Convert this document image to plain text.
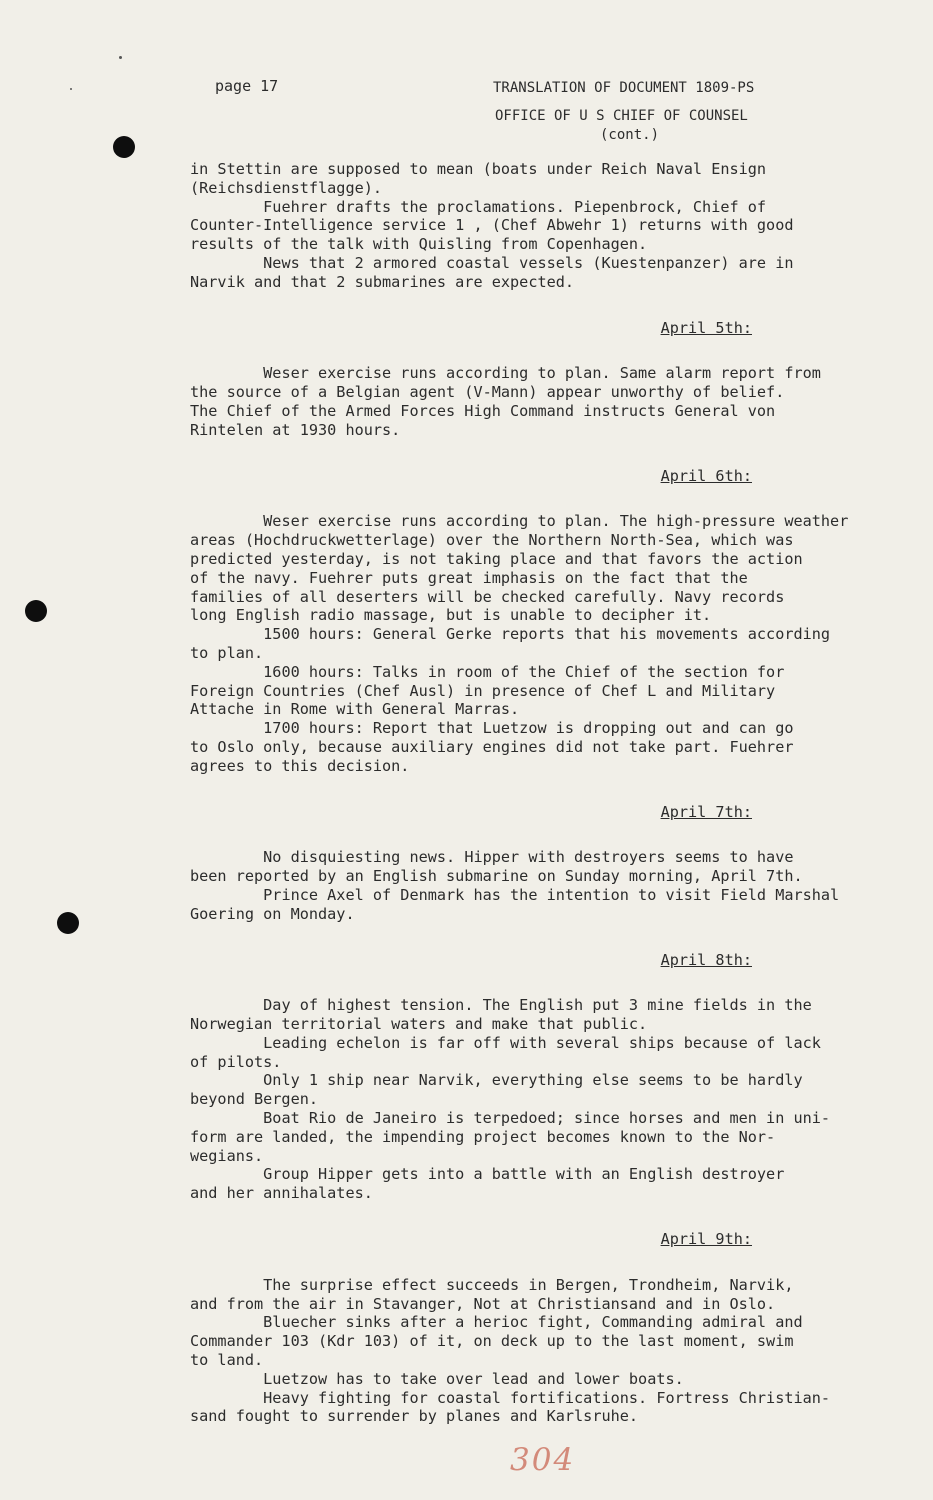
page 17	TRANSLATION OF DOCUMENT 1809-PS
OFFICE OF U S CHIEF OF COUNSEL
(cont.)

in Stettin are supposed to mean (boats under Reich Naval Ensign
(Reichsdienstflagge).

Fuehrer drafts the proclamations. Piepenbrock, Chief of
Counter-Intelligence service 1 , (Chef Abwehr 1) returns with good
results of the talk with Quisling from Copenhagen.

News that 2 armored coastal vessels (Kuestenpanzer) are in
Narvik and that 2 submarines are expected.

April 5th:

Weser exercise runs according to plan. Same alarm report from
the source of a Belgian agent (V-Mann) appear unworthy of belief.
The Chief of the Armed Forces High Command instructs General von
Rintelen at 1930 hours.

April 6th:

Weser exercise runs according to plan. The high-pressure weather
areas (Hochdruckwetterlage) over the Northern North-Sea, which was
predicted yesterday, is not taking place and that favors the action
of the navy. Fuehrer puts great imphasis on the fact that the
families of all deserters will be checked carefully. Navy records
long English radio massage, but is unable to decipher it.

1500 hours: General Gerke reports that his movements according
to plan.

1600 hours: Talks in room of the Chief of the section for
Foreign Countries (Chef Ausl) in presence of Chef L and Military
Attache in Rome with General Marras.

1700 hours: Report that Luetzow is dropping out and can go
to Oslo only, because auxiliary engines did not take part. Fuehrer
agrees to this decision.

April 7th:

No disquiesting news. Hipper with destroyers seems to have
been reported by an English submarine on Sunday morning, April 7th.

Prince Axel of Denmark has the intention to visit Field Marshal
Goering on Monday.

April 8th:

Day of highest tension. The English put 3 mine fields in the
Norwegian territorial waters and make that public.

Leading echelon is far off with several ships because of lack
of pilots.

Only 1 ship near Narvik, everything else seems to be hardly
beyond Bergen.

Boat Rio de Janeiro is terpedoed; since horses and men in uni-
form are landed, the impending project becomes known to the Nor-
wegians.

Group Hipper gets into a battle with an English destroyer
and her annihalates.

April 9th:

The surprise effect succeeds in Bergen, Trondheim, Narvik,
and from the air in Stavanger, Not at Christiansand and in Oslo.

Bluecher sinks after a herioc fight, Commanding admiral and
Commander 103 (Kdr 103) of it, on deck up to the last moment, swim
to land.

Luetzow has to take over lead and lower boats.

Heavy fighting for coastal fortifications. Fortress Christian-
sand fought to surrender by planes and Karlsruhe.

304
